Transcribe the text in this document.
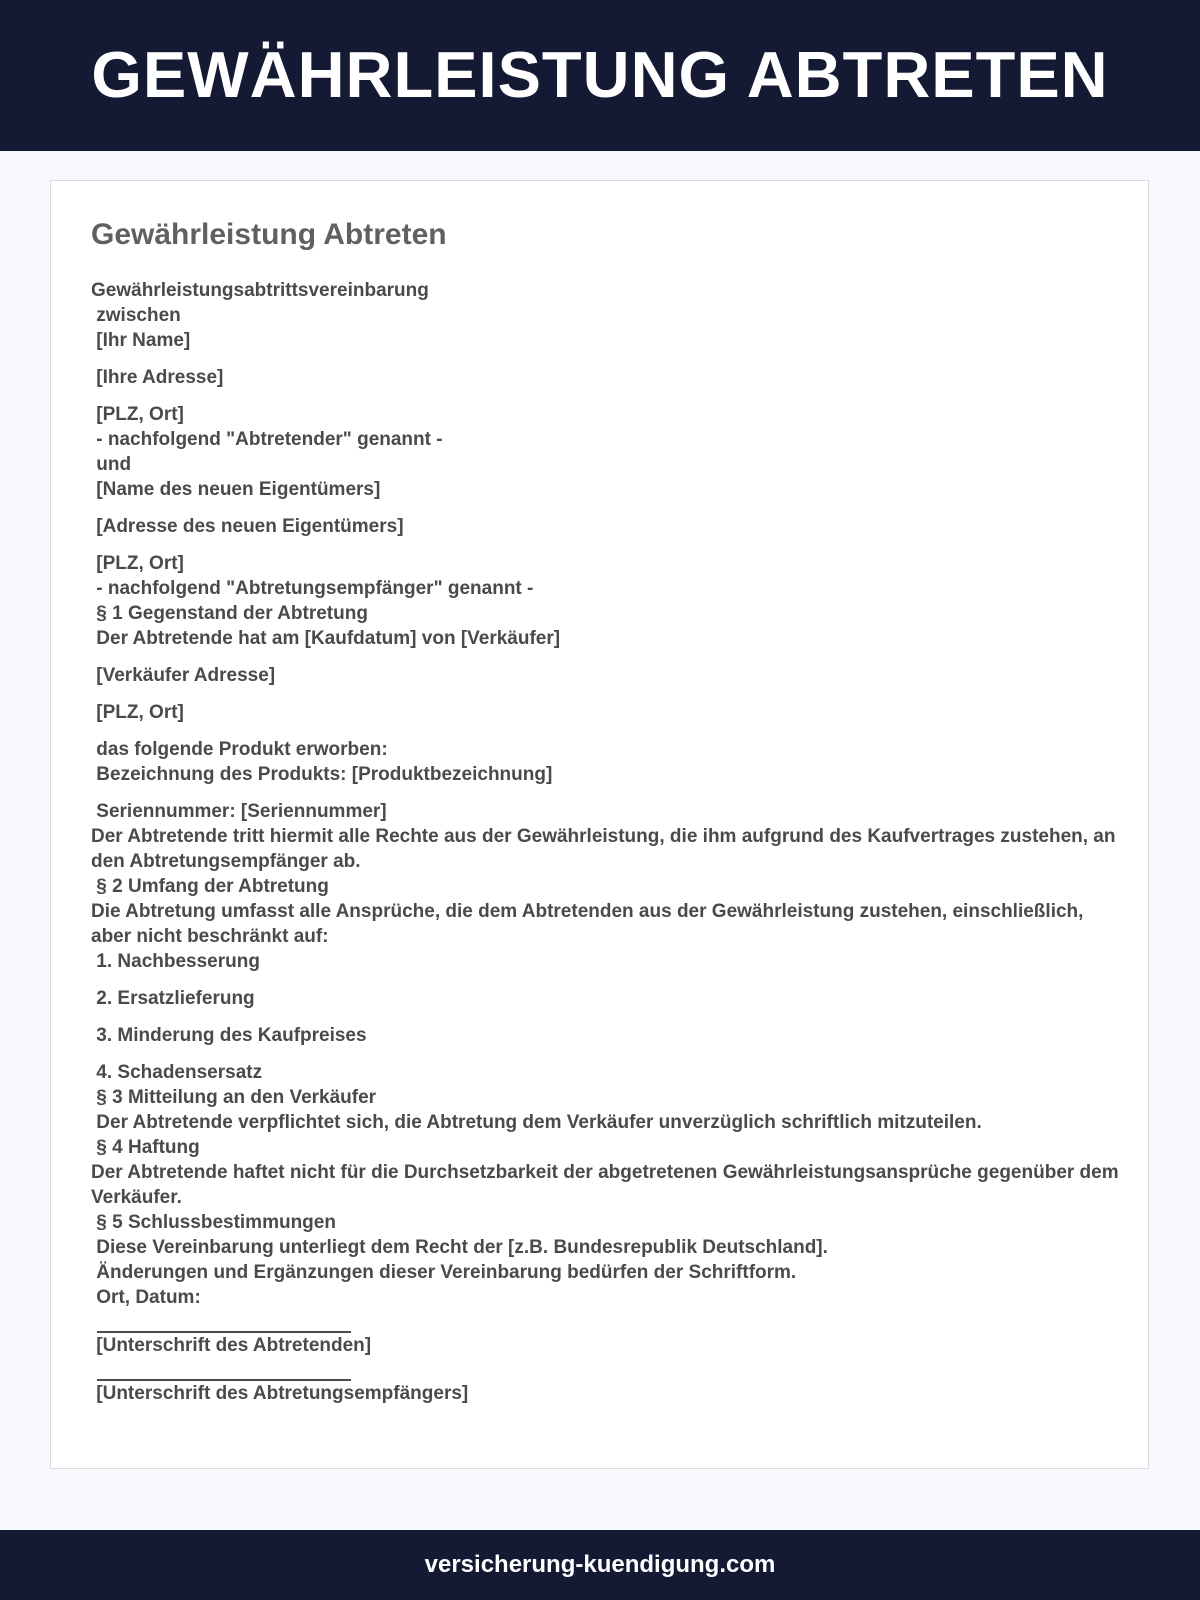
GEWÄHRLEISTUNG ABTRETEN
Gewährleistung Abtreten
Gewährleistungsabtrittsvereinbarung
zwischen
[Ihr Name]
[Ihre Adresse]
[PLZ, Ort]
- nachfolgend "Abtretender" genannt -
und
[Name des neuen Eigentümers]
[Adresse des neuen Eigentümers]
[PLZ, Ort]
- nachfolgend "Abtretungsempfänger" genannt -
§ 1 Gegenstand der Abtretung
Der Abtretende hat am [Kaufdatum] von [Verkäufer]
[Verkäufer Adresse]
[PLZ, Ort]
das folgende Produkt erworben:
Bezeichnung des Produkts: [Produktbezeichnung]
Seriennummer: [Seriennummer]
Der Abtretende tritt hiermit alle Rechte aus der Gewährleistung, die ihm aufgrund des Kaufvertrages zustehen, an den Abtretungsempfänger ab.
§ 2 Umfang der Abtretung
Die Abtretung umfasst alle Ansprüche, die dem Abtretenden aus der Gewährleistung zustehen, einschließlich, aber nicht beschränkt auf:
1. Nachbesserung
2. Ersatzlieferung
3. Minderung des Kaufpreises
4. Schadensersatz
§ 3 Mitteilung an den Verkäufer
Der Abtretende verpflichtet sich, die Abtretung dem Verkäufer unverzüglich schriftlich mitzuteilen.
§ 4 Haftung
Der Abtretende haftet nicht für die Durchsetzbarkeit der abgetretenen Gewährleistungsansprüche gegenüber dem Verkäufer.
§ 5 Schlussbestimmungen
Diese Vereinbarung unterliegt dem Recht der [z.B. Bundesrepublik Deutschland].
Änderungen und Ergänzungen dieser Vereinbarung bedürfen der Schriftform.
Ort, Datum:
[Unterschrift des Abtretenden]
[Unterschrift des Abtretungsempfängers]
versicherung-kuendigung.com
